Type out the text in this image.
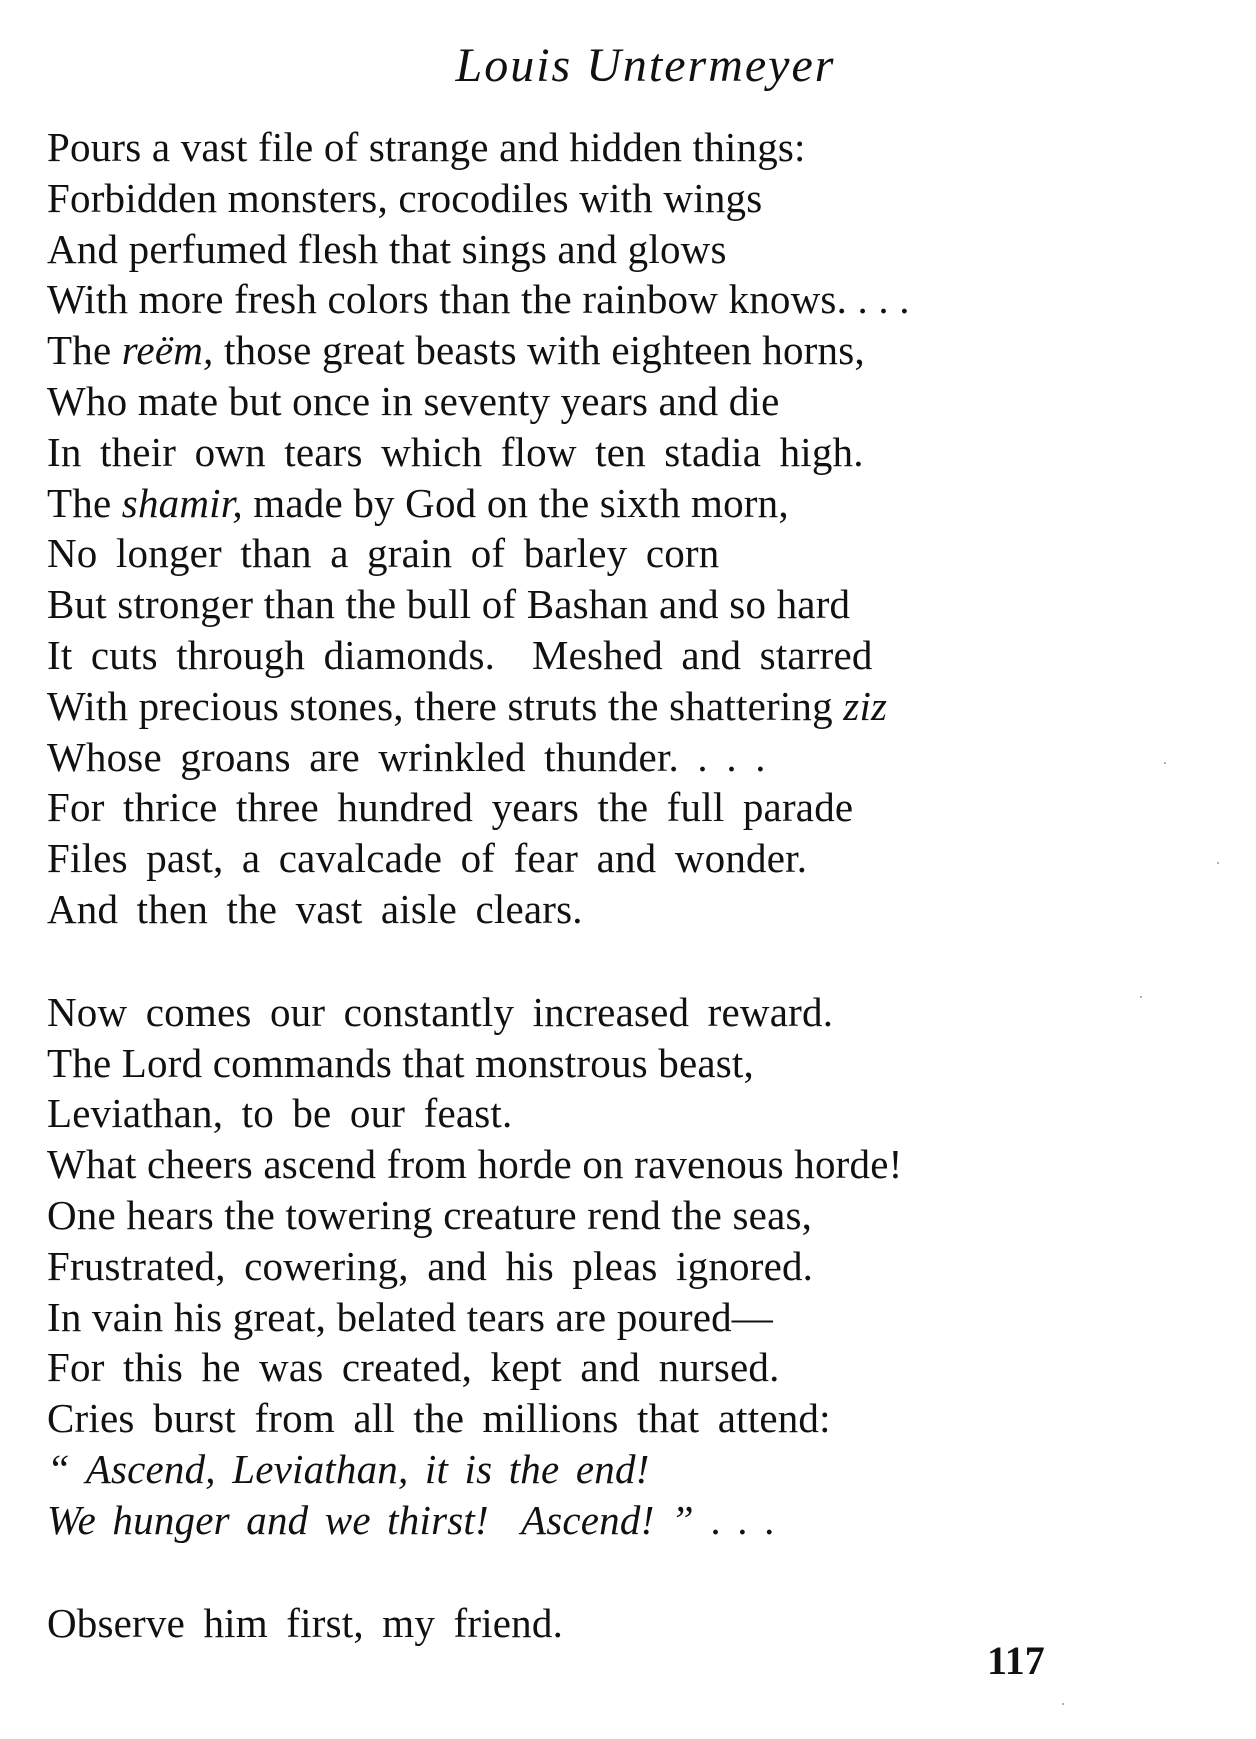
Louis Untermeyer
Pours a vast file of strange and hidden things:
Forbidden monsters, crocodiles with wings
And perfumed flesh that sings and glows
With more fresh colors than the rainbow knows. . . .
The reëm, those great beasts with eighteen horns,
Who mate but once in seventy years and die
In their own tears which flow ten stadia high.
The shamir, made by God on the sixth morn,
No longer than a grain of barley corn
But stronger than the bull of Bashan and so hard
It cuts through diamonds.  Meshed and starred
With precious stones, there struts the shattering ziz
Whose groans are wrinkled thunder. . . .
For thrice three hundred years the full parade
Files past, a cavalcade of fear and wonder.
And then the vast aisle clears.
Now comes our constantly increased reward.
The Lord commands that monstrous beast,
Leviathan, to be our feast.
What cheers ascend from horde on ravenous horde!
One hears the towering creature rend the seas,
Frustrated, cowering, and his pleas ignored.
In vain his great, belated tears are poured—
For this he was created, kept and nursed.
Cries burst from all the millions that attend:
“ Ascend, Leviathan, it is the end!
We hunger and we thirst!  Ascend! ” . . .
Observe him first, my friend.
117
